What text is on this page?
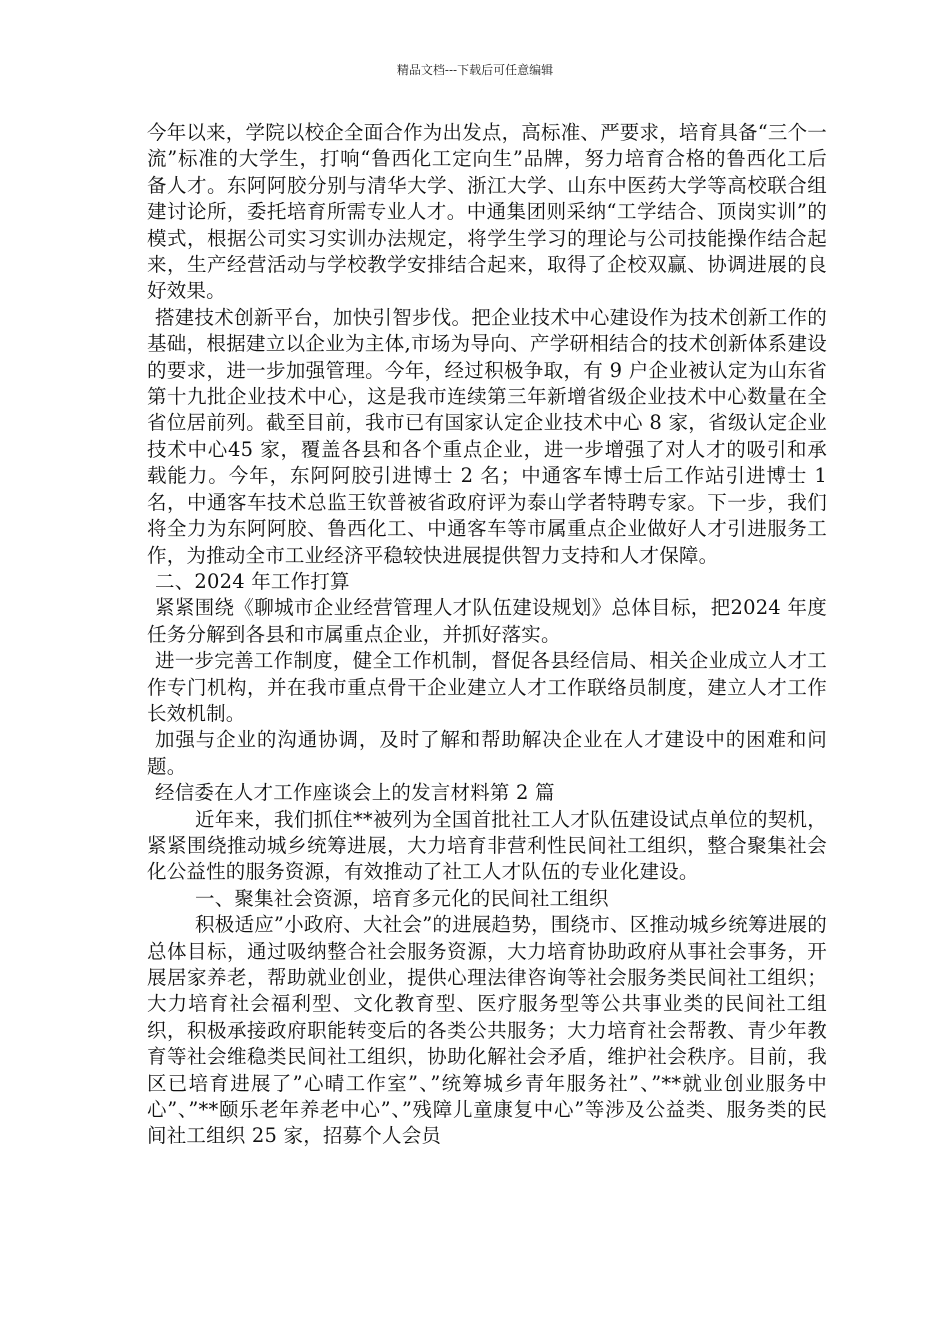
精品文档---下载后可任意编辑

今年以来，学院以校企全面合作为出发点，高标准、严要求，培育具备“三个一流”标准的大学生，打响“鲁西化工定向生”品牌，努力培育合格的鲁西化工后备人才。东阿阿胶分别与清华大学、浙江大学、山东中医药大学等高校联合组建讨论所，委托培育所需专业人才。中通集团则采纳“工学结合、顶岗实训”的模式，根据公司实习实训办法规定，将学生学习的理论与公司技能操作结合起来，生产经营活动与学校教学安排结合起来，取得了企校双赢、协调进展的良好效果。

搭建技术创新平台，加快引智步伐。把企业技术中心建设作为技术创新工作的基础，根据建立以企业为主体,市场为导向、产学研相结合的技术创新体系建设的要求，进一步加强管理。今年，经过积极争取，有 9 户企业被认定为山东省第十九批企业技术中心，这是我市连续第三年新增省级企业技术中心数量在全省位居前列。截至目前，我市已有国家认定企业技术中心 8 家，省级认定企业技术中心45 家，覆盖各县和各个重点企业，进一步增强了对人才的吸引和承载能力。今年，东阿阿胶引进博士 2 名；中通客车博士后工作站引进博士 1 名，中通客车技术总监王钦普被省政府评为泰山学者特聘专家。下一步，我们将全力为东阿阿胶、鲁西化工、中通客车等市属重点企业做好人才引进服务工作，为推动全市工业经济平稳较快进展提供智力支持和人才保障。

二、2024 年工作打算

紧紧围绕《聊城市企业经营管理人才队伍建设规划》总体目标，把2024 年度任务分解到各县和市属重点企业，并抓好落实。

进一步完善工作制度，健全工作机制，督促各县经信局、相关企业成立人才工作专门机构，并在我市重点骨干企业建立人才工作联络员制度，建立人才工作长效机制。

加强与企业的沟通协调，及时了解和帮助解决企业在人才建设中的困难和问题。

经信委在人才工作座谈会上的发言材料第 2 篇

近年来，我们抓住**被列为全国首批社工人才队伍建设试点单位的契机，紧紧围绕推动城乡统筹进展，大力培育非营利性民间社工组织，整合聚集社会化公益性的服务资源，有效推动了社工人才队伍的专业化建设。

一、聚集社会资源，培育多元化的民间社工组织

积极适应”小政府、大社会”的进展趋势，围绕市、区推动城乡统筹进展的总体目标，通过吸纳整合社会服务资源，大力培育协助政府从事社会事务，开展居家养老，帮助就业创业，提供心理法律咨询等社会服务类民间社工组织；大力培育社会福利型、文化教育型、医疗服务型等公共事业类的民间社工组织，积极承接政府职能转变后的各类公共服务；大力培育社会帮教、青少年教育等社会维稳类民间社工组织，协助化解社会矛盾，维护社会秩序。目前，我区已培育进展了”心晴工作室”、”统筹城乡青年服务社”、”**就业创业服务中心”、”**颐乐老年养老中心”、”残障儿童康复中心”等涉及公益类、服务类的民间社工组织 25 家，招募个人会员
